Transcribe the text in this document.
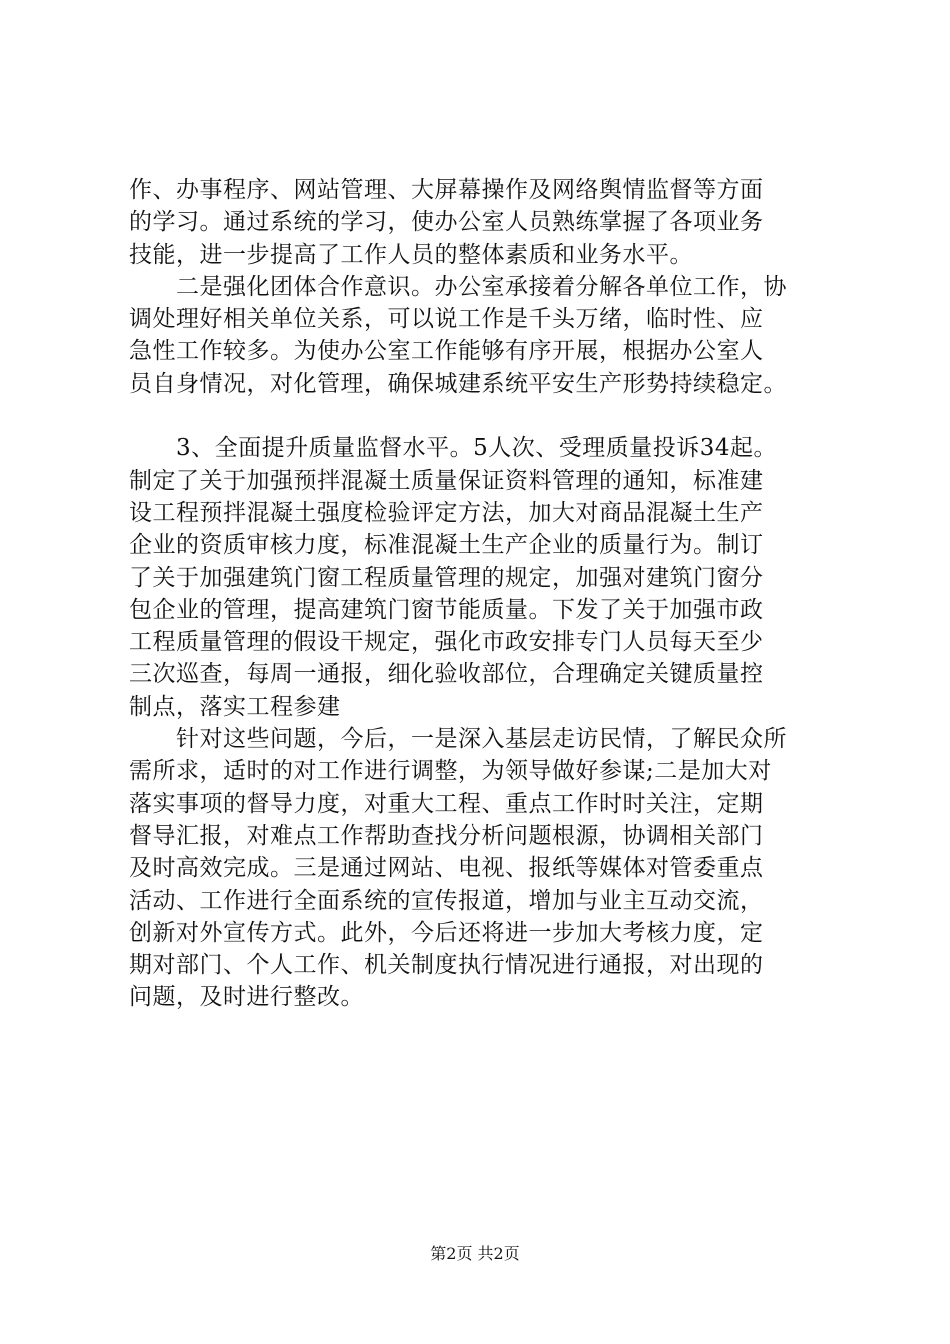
作、办事程序、网站管理、大屏幕操作及网络舆情监督等方面
的学习。通过系统的学习，使办公室人员熟练掌握了各项业务
技能，进一步提高了工作人员的整体素质和业务水平。
　　二是强化团体合作意识。办公室承接着分解各单位工作，协
调处理好相关单位关系，可以说工作是千头万绪，临时性、应
急性工作较多。为使办公室工作能够有序开展，根据办公室人
员自身情况，对化管理，确保城建系统平安生产形势持续稳定。
　　3、全面提升质量监督水平。5人次、受理质量投诉34起。
制定了关于加强预拌混凝土质量保证资料管理的通知，标准建
设工程预拌混凝土强度检验评定方法，加大对商品混凝土生产
企业的资质审核力度，标准混凝土生产企业的质量行为。制订
了关于加强建筑门窗工程质量管理的规定，加强对建筑门窗分
包企业的管理，提高建筑门窗节能质量。下发了关于加强市政
工程质量管理的假设干规定，强化市政安排专门人员每天至少
三次巡查，每周一通报，细化验收部位，合理确定关键质量控
制点，落实工程参建
　　针对这些问题，今后，一是深入基层走访民情，了解民众所
需所求，适时的对工作进行调整，为领导做好参谋;二是加大对
落实事项的督导力度，对重大工程、重点工作时时关注，定期
督导汇报，对难点工作帮助查找分析问题根源，协调相关部门
及时高效完成。三是通过网站、电视、报纸等媒体对管委重点
活动、工作进行全面系统的宣传报道，增加与业主互动交流，
创新对外宣传方式。此外，今后还将进一步加大考核力度，定
期对部门、个人工作、机关制度执行情况进行通报，对出现的
问题，及时进行整改。
第2页 共2页
